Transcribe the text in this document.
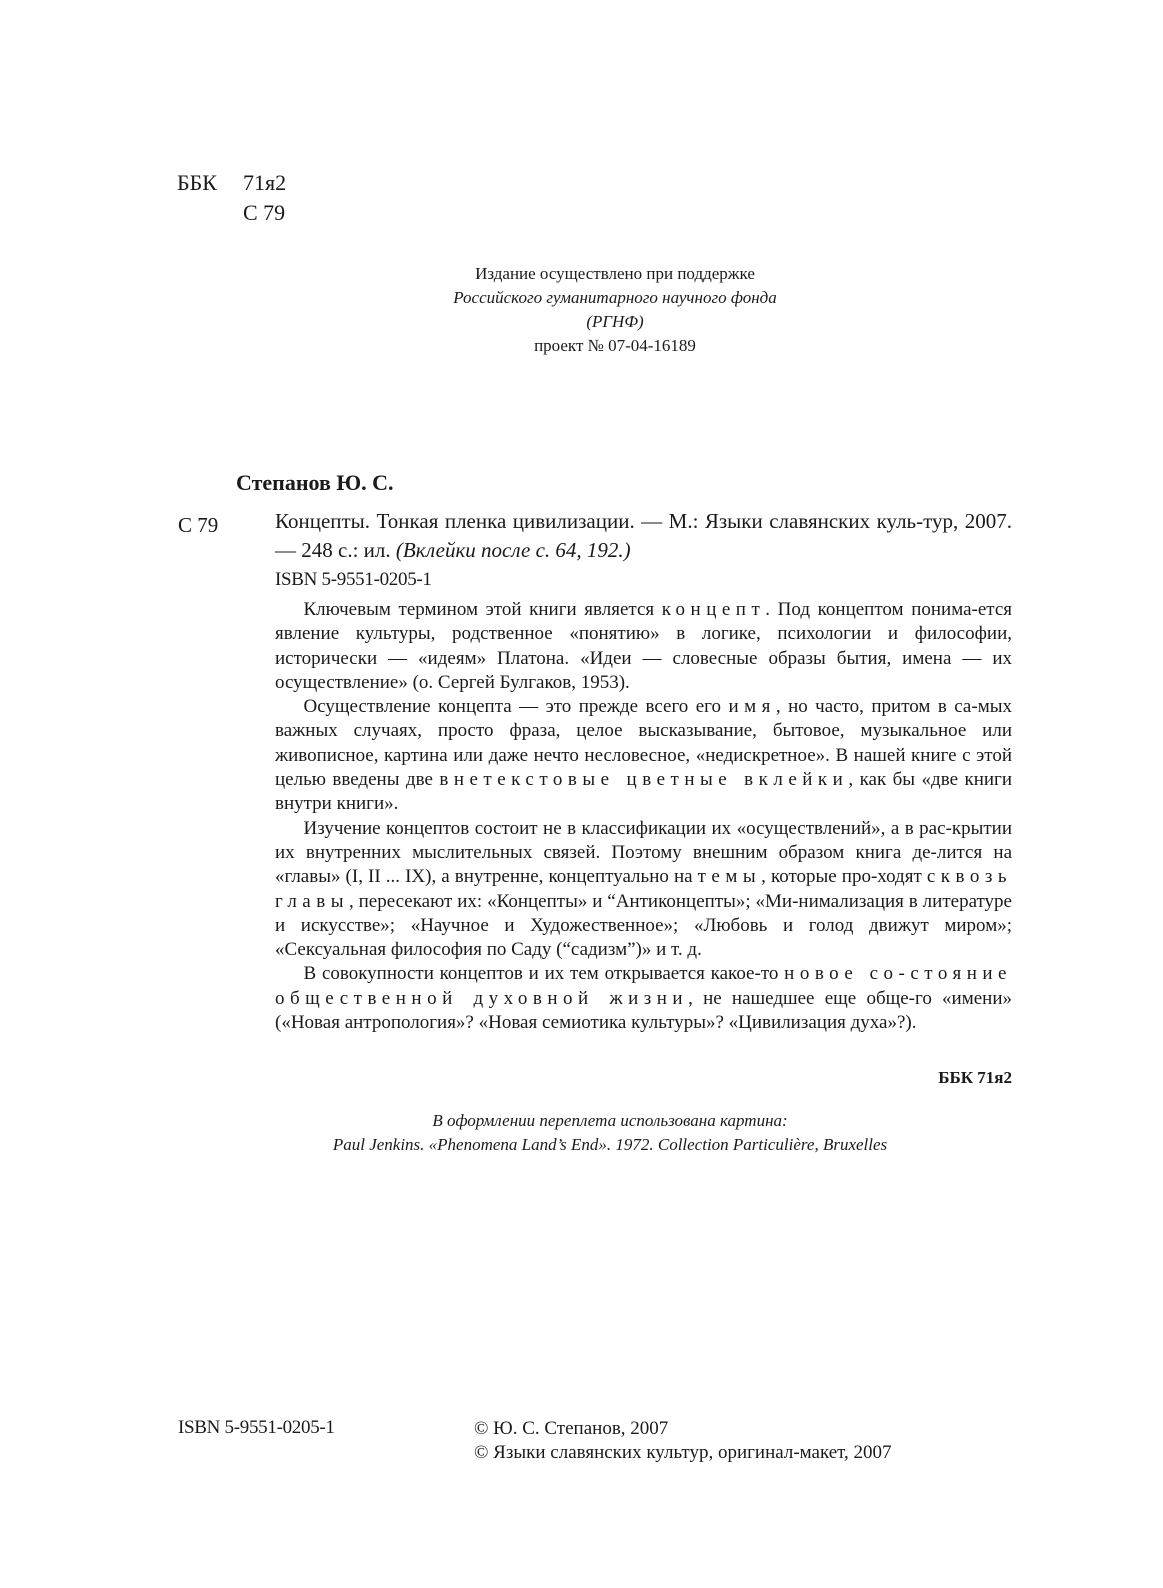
ББК 71я2
С 79
Издание осуществлено при поддержке
Российского гуманитарного научного фонда
(РГНФ)
проект № 07-04-16189
Степанов Ю. С.
С 79	Концепты. Тонкая пленка цивилизации. — М.: Языки славянских куль-тур, 2007. — 248 с.: ил. (Вклейки после с. 64, 192.)
ISBN 5-9551-0205-1

  Ключевым термином этой книги является концепт. Под концептом понима-ется явление культуры, родственное «понятию» в логике, психологии и философии, исторически — «идеям» Платона. «Идеи — словесные образы бытия, имена — их осуществление» (о. Сергей Булгаков, 1953).

  Осуществление концепта — это прежде всего его имя, но часто, притом в са-мых важных случаях, просто фраза, целое высказывание, бытовое, музыкальное или живописное, картина или даже нечто несловесное, «недискретное». В нашей книге с этой целью введены две внетекстовые цветные вклейки, как бы «две книги внутри книги».

  Изучение концептов состоит не в классификации их «осуществлений», а в рас-крытии их внутренних мыслительных связей. Поэтому внешним образом книга де-лится на «главы» (I, II ... IX), а внутренне, концептуально на темы, которые про-ходят сквозь главы, пересекают их: «Концепты» и “Антиконцепты»; «Ми-нимализация в литературе и искусстве»; «Научное и Художественное»; «Любовь и голод движут миром»; «Сексуальная философия по Саду (“садизм”)» и т. д.

  В совокупности концептов и их тем открывается какое-то новое со-стояние общественной духовной жизни, не нашедшее еще обще-го «имени» («Новая антропология»? «Новая семиотика культуры»? «Цивилизация духа»?).

ББК 71я2
В оформлении переплета использована картина:
Paul Jenkins. «Phenomena Land’s End». 1972. Collection Particulière, Bruxelles
ISBN 5-9551-0205-1	© Ю. С. Степанов, 2007
© Языки славянских культур, оригинал-макет, 2007
